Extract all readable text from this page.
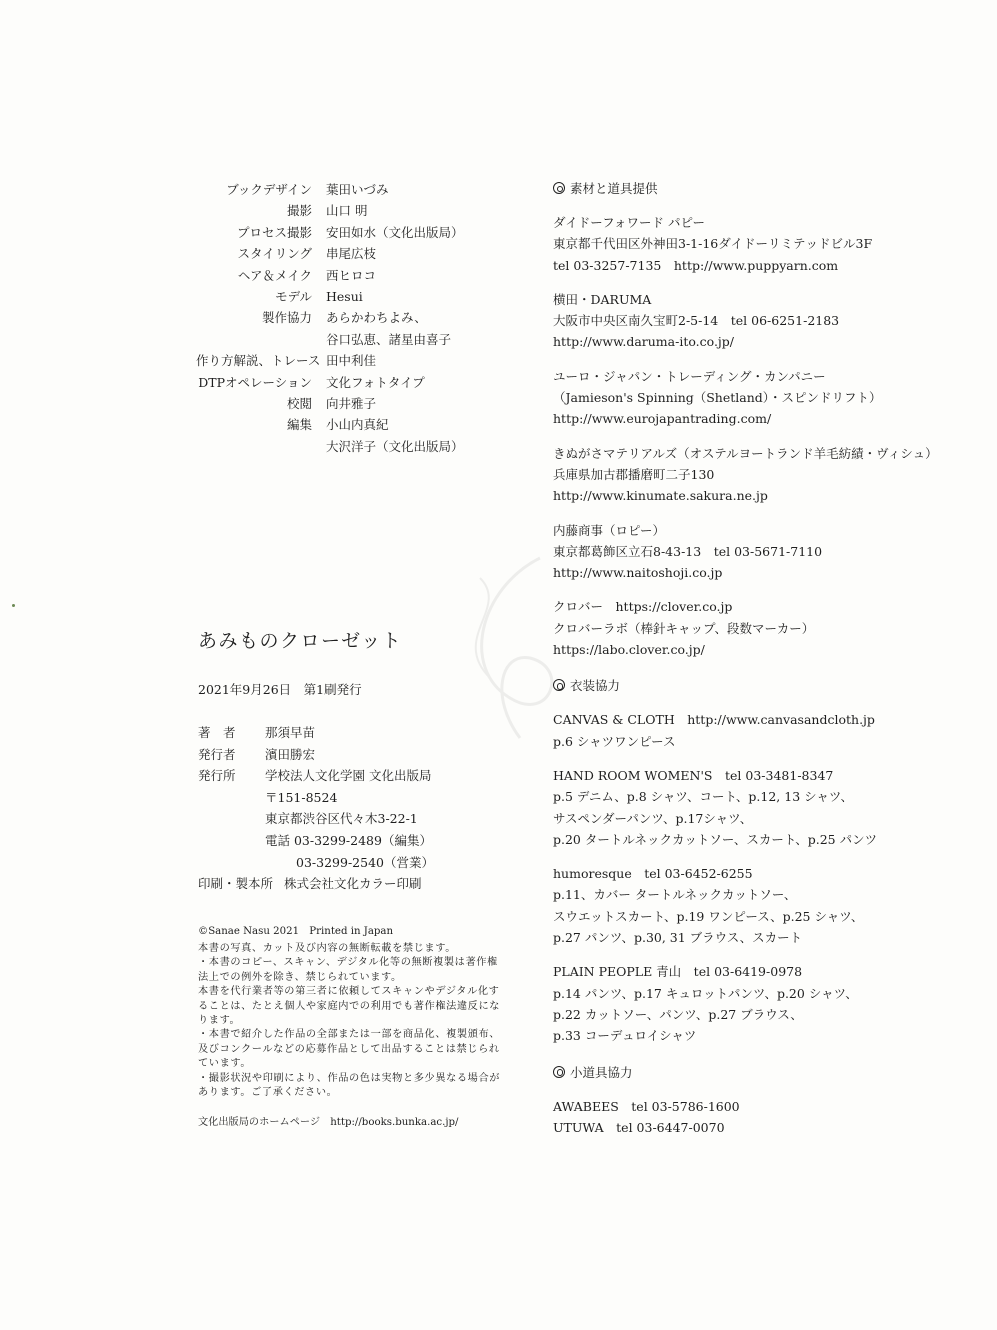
ブックデザイン	葉田いづみ
撮影	山口 明
プロセス撮影	安田如水（文化出版局）
スタイリング	串尾広枝
ヘア＆メイク	西ヒロコ
モデル	Hesui
製作協力	あらかわちよみ、
谷口弘恵、諸星由喜子
作り方解説、トレース 田中利佳
DTPオペレーション	文化フォトタイプ
校閲	向井雅子
編集	小山内真紀
大沢洋子（文化出版局）
あみものクローゼット
2021年9月26日　第1刷発行
著　者	那須早苗
発行者	濱田勝宏
発行所	学校法人文化学園 文化出版局
〒151-8524
東京都渋谷区代々木3-22-1
電話 03-3299-2489（編集）
03-3299-2540（営業）
印刷・製本所 株式会社文化カラー印刷
©Sanae Nasu 2021　Printed in Japan
本書の写真、カット及び内容の無断転載を禁じます。
・本書のコピー、スキャン、デジタル化等の無断複製は著作権
法上での例外を除き、禁じられています。
本書を代行業者等の第三者に依頼してスキャンやデジタル化す
ることは、たとえ個人や家庭内での利用でも著作権法違反にな
ります。
・本書で紹介した作品の全部または一部を商品化、複製頒布、
及びコンクールなどの応募作品として出品することは禁じられ
ています。
・撮影状況や印刷により、作品の色は実物と多少異なる場合が
あります。ご了承ください。
文化出版局のホームページ　http://books.bunka.ac.jp/
素材と道具提供
ダイドーフォワード パピー
東京都千代田区外神田3-1-16ダイドーリミテッドビル3F
tel 03-3257-7135　http://www.puppyarn.com
横田・DARUMA
大阪市中央区南久宝町2-5-14　tel 06-6251-2183
http://www.daruma-ito.co.jp/
ユーロ・ジャパン・トレーディング・カンパニー
（Jamieson's Spinning（Shetland）・スピンドリフト）
http://www.eurojapantrading.com/
きぬがさマテリアルズ（オステルヨートランド羊毛紡績・ヴィシュ）
兵庫県加古郡播磨町二子130
http://www.kinumate.sakura.ne.jp
内藤商事（ロピー）
東京都葛飾区立石8-43-13　tel 03-5671-7110
http://www.naitoshoji.co.jp
クロバー　https://clover.co.jp
クロバーラボ（棒針キャップ、段数マーカー）
https://labo.clover.co.jp/
衣装協力
CANVAS & CLOTH　http://www.canvasandcloth.jp
p.6 シャツワンピース
HAND ROOM WOMEN'S　tel 03-3481-8347
p.5 デニム、p.8 シャツ、コート、p.12, 13 シャツ、
サスペンダーパンツ、p.17シャツ、
p.20 タートルネックカットソー、スカート、p.25 パンツ
humoresque　tel 03-6452-6255
p.11、カバー タートルネックカットソー、
スウエットスカート、p.19 ワンピース、p.25 シャツ、
p.27 パンツ、p.30, 31 ブラウス、スカート
PLAIN PEOPLE 青山　tel 03-6419-0978
p.14 パンツ、p.17 キュロットパンツ、p.20 シャツ、
p.22 カットソー、パンツ、p.27 ブラウス、
p.33 コーデュロイシャツ
小道具協力
AWABEES　tel 03-5786-1600
UTUWA　tel 03-6447-0070
